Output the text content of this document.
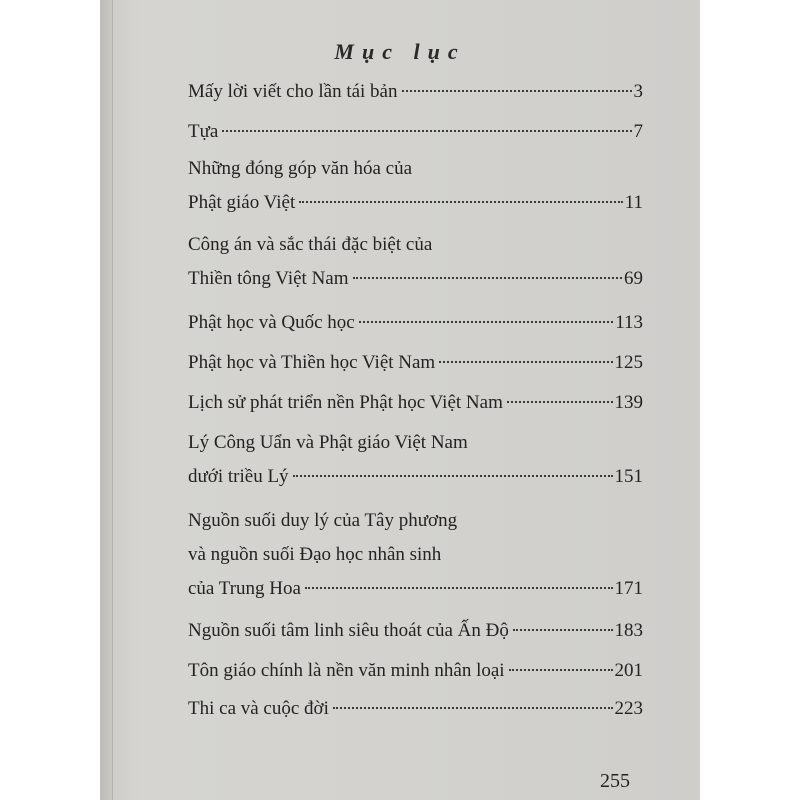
Mục lục
Mấy lời viết cho lần tái bản	3
Tựa	7
Những đóng góp văn hóa của
Phật giáo Việt	11
Công án và sắc thái đặc biệt của
Thiền tông Việt Nam	69
Phật học và Quốc học	113
Phật học và Thiền học Việt Nam	125
Lịch sử phát triển nền Phật học Việt Nam	139
Lý Công Uẩn và Phật giáo Việt Nam
dưới triều Lý	151
Nguồn suối duy lý của Tây phương
và nguồn suối Đạo học nhân sinh
của Trung Hoa	171
Nguồn suối tâm linh siêu thoát của Ấn Độ	183
Tôn giáo chính là nền văn minh nhân loại	201
Thi ca và cuộc đời	223
255
